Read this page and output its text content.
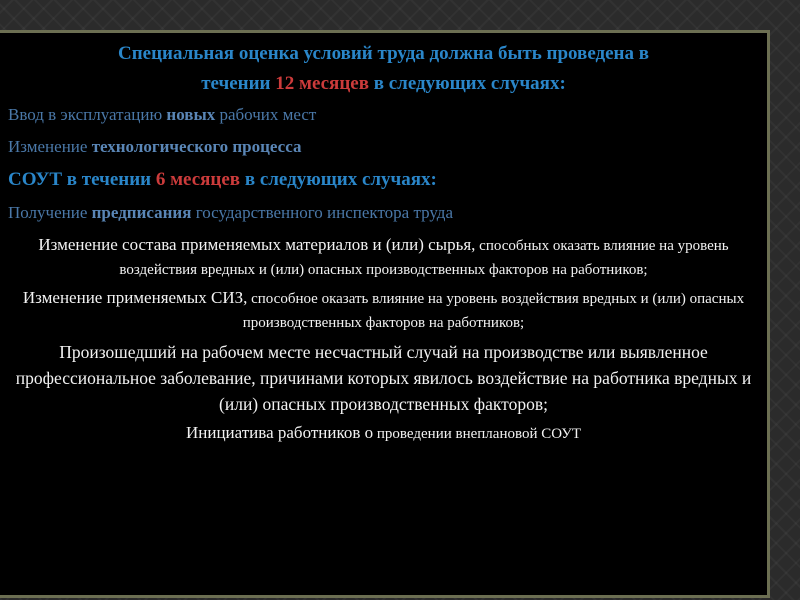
Специальная оценка условий труда должна быть проведена в
течении 12 месяцев в следующих случаях:

Ввод в эксплуатацию новых рабочих мест

Изменение технологического процесса

СОУТ в течении 6 месяцев в следующих случаях:

Получение предписания государственного инспектора труда

Изменение состава применяемых материалов и (или) сырья, способных оказать влияние на уровень воздействия вредных и (или) опасных производственных факторов на работников;

Изменение применяемых СИЗ, способное оказать влияние на уровень воздействия вредных и (или) опасных производственных факторов на работников;

Произошедший на рабочем месте несчастный случай на производстве или выявленное профессиональное заболевание, причинами которых явилось воздействие на работника вредных и (или) опасных производственных факторов;

Инициатива работников о проведении внеплановой СОУТ
